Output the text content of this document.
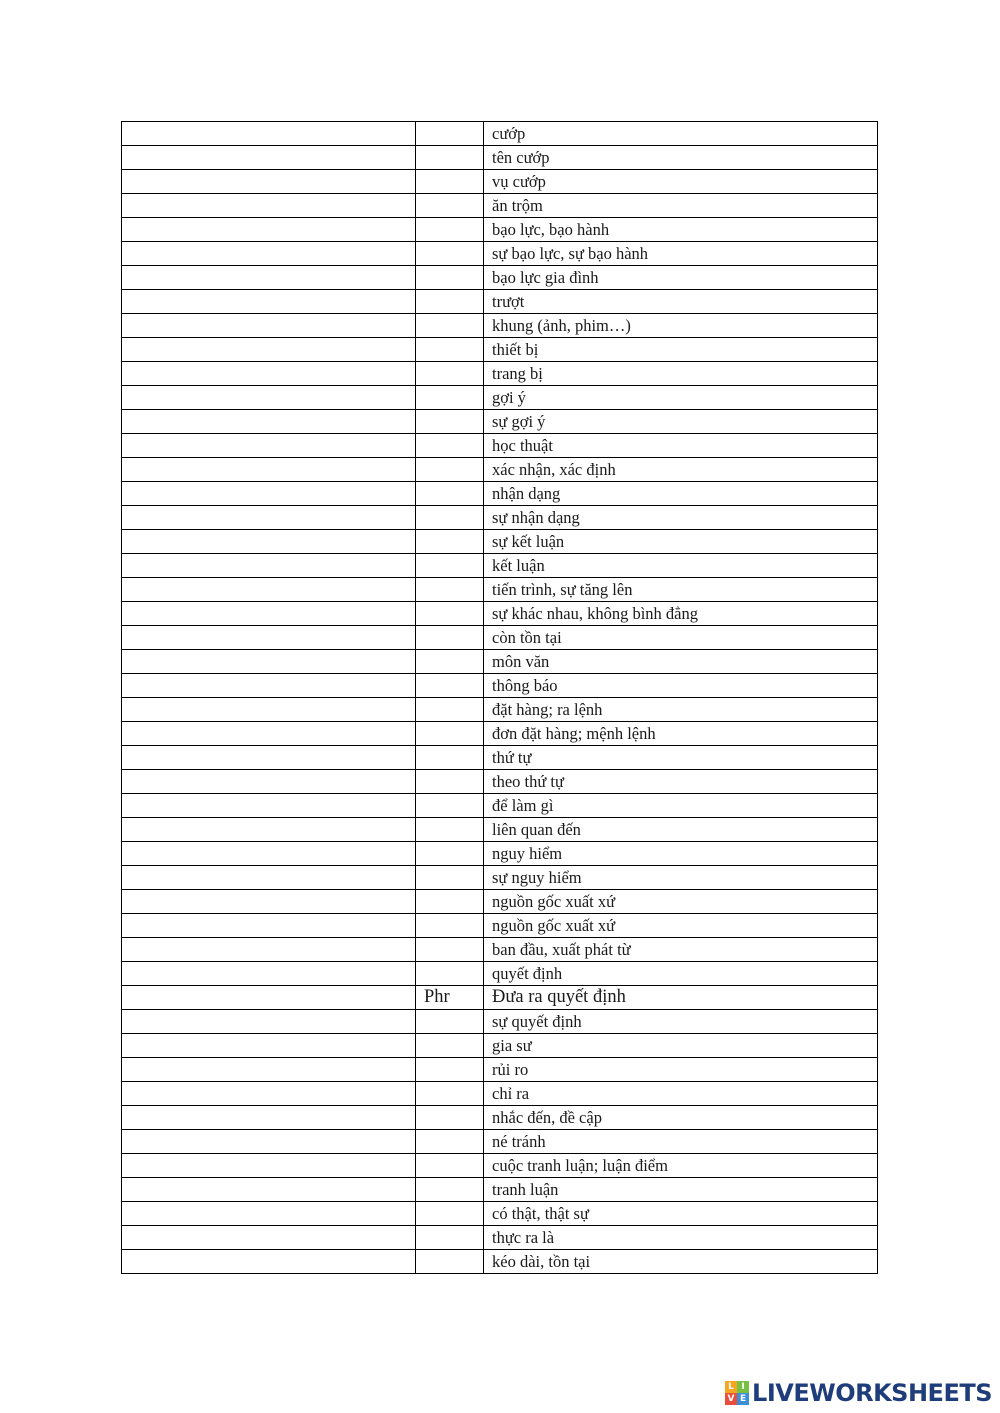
		cướp
		tên cướp
		vụ cướp
		ăn trộm
		bạo lực, bạo hành
		sự bạo lực, sự bạo hành
		bạo lực gia đình
		trượt
		khung (ảnh, phim…)
		thiết bị
		trang bị
		gợi ý
		sự gợi ý
		học thuật
		xác nhận, xác định
		nhận dạng
		sự nhận dạng
		sự kết luận
		kết luận
		tiến trình, sự tăng lên
		sự khác nhau, không bình đẳng
		còn tồn tại
		môn văn
		thông báo
		đặt hàng; ra lệnh
		đơn đặt hàng; mệnh lệnh
		thứ tự
		theo thứ tự
		để làm gì
		liên quan đến
		nguy hiểm
		sự nguy hiểm
		nguồn gốc xuất xứ
		nguồn gốc xuất xứ
		ban đầu, xuất phát từ
		quyết định
	Phr	Đưa ra quyết định
		sự quyết định
		gia sư
		rủi ro
		chỉ ra
		nhắc đến, đề cập
		né tránh
		cuộc tranh luận; luận điểm
		tranh luận
		có thật, thật sự
		thực ra là
		kéo dài, tồn tại
L I
V E LIVEWORKSHEETS
